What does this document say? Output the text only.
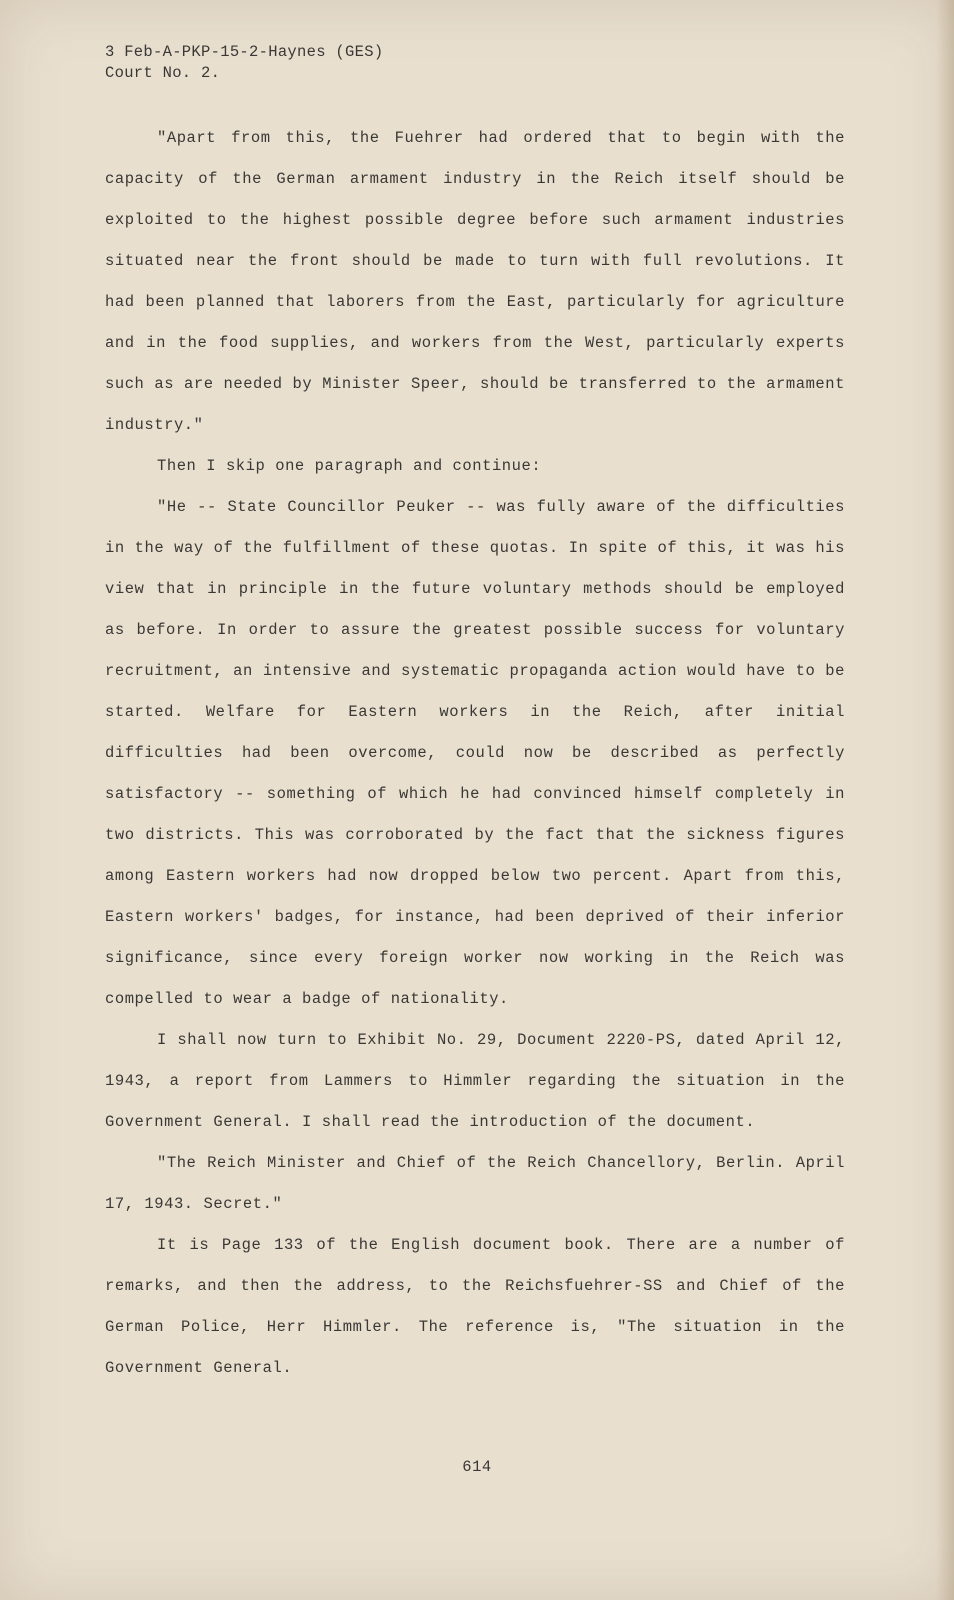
3 Feb-A-PKP-15-2-Haynes (GES)
Court No. 2.

"Apart from this, the Fuehrer had ordered that to begin with the capacity of the German armament industry in the Reich itself should be exploited to the highest possible degree before such armament industries situated near the front should be made to turn with full revolutions. It had been planned that laborers from the East, particularly for agriculture and in the food supplies, and workers from the West, particularly experts such as are needed by Minister Speer, should be transferred to the armament industry."

Then I skip one paragraph and continue:

"He -- State Councillor Peuker -- was fully aware of the difficulties in the way of the fulfillment of these quotas. In spite of this, it was his view that in principle in the future voluntary methods should be employed as before. In order to assure the greatest possible success for voluntary recruitment, an intensive and systematic propaganda action would have to be started. Welfare for Eastern workers in the Reich, after initial difficulties had been overcome, could now be described as perfectly satisfactory -- something of which he had convinced himself completely in two districts. This was corroborated by the fact that the sickness figures among Eastern workers had now dropped below two percent. Apart from this, Eastern workers' badges, for instance, had been deprived of their inferior significance, since every foreign worker now working in the Reich was compelled to wear a badge of nationality.

I shall now turn to Exhibit No. 29, Document 2220-PS, dated April 12, 1943, a report from Lammers to Himmler regarding the situation in the Government General. I shall read the introduction of the document.

"The Reich Minister and Chief of the Reich Chancellory, Berlin. April 17, 1943. Secret."

It is Page 133 of the English document book. There are a number of remarks, and then the address, to the Reichsfuehrer-SS and Chief of the German Police, Herr Himmler. The reference is, "The situation in the Government General.

614
